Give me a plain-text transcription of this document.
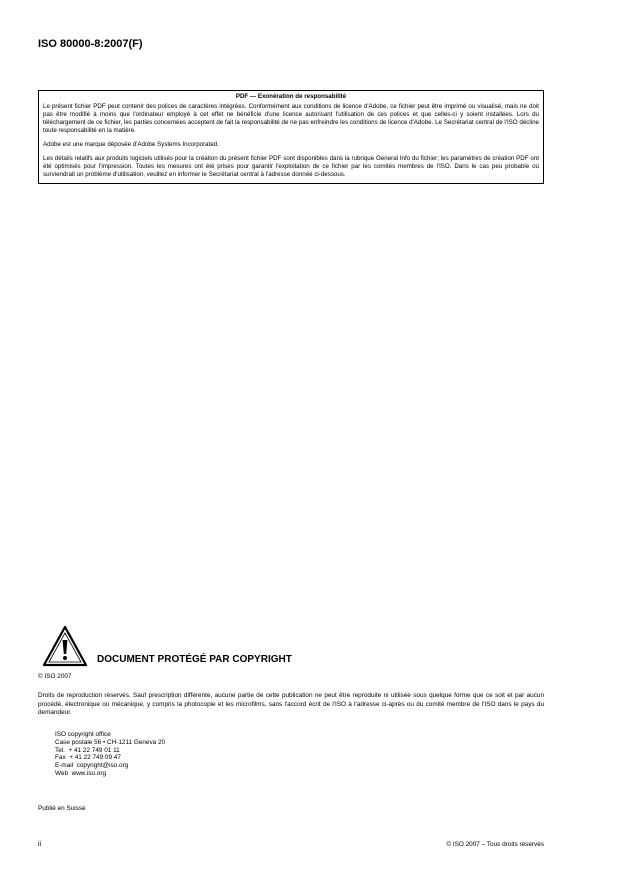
ISO 80000-8:2007(F)
PDF — Exonération de responsabilité

Le présent fichier PDF peut contenir des polices de caractères intégrées. Conformément aux conditions de licence d'Adobe, ce fichier peut être imprimé ou visualisé, mais ne doit pas être modifié à moins que l'ordinateur employé à cet effet ne bénéficie d'une licence autorisant l'utilisation de ces polices et que celles-ci y soient installées. Lors du téléchargement de ce fichier, les parties concernées acceptent de fait la responsabilité de ne pas enfreindre les conditions de licence d'Adobe. Le Secrétariat central de l'ISO décline toute responsabilité en la matière.

Adobe est une marque déposée d'Adobe Systems Incorporated.

Les détails relatifs aux produits logiciels utilisés pour la création du présent fichier PDF sont disponibles dans la rubrique General Info du fichier; les paramètres de création PDF ont été optimisés pour l'impression. Toutes les mesures ont été prises pour garantir l'exploitation de ce fichier par les comités membres de l'ISO. Dans le cas peu probable où surviendrait un problème d'utilisation, veuillez en informer le Secrétariat central à l'adresse donnée ci-dessous.

DOCUMENT PROTÉGÉ PAR COPYRIGHT
© ISO 2007
Droits de reproduction réservés. Sauf prescription différente, aucune partie de cette publication ne peut être reproduite ni utilisée sous quelque forme que ce soit et par aucun procédé, électronique ou mécanique, y compris la photocopie et les microfilms, sans l'accord écrit de l'ISO à l'adresse ci-après ou du comité membre de l'ISO dans le pays du demandeur.
ISO copyright office
Case postale 56 • CH-1211 Geneva 20
Tel.  + 41 22 749 01 11
Fax  + 41 22 749 09 47
E-mail  copyright@iso.org
Web  www.iso.org
Publié en Suisse
ii	© ISO 2007 – Tous droits réservés
